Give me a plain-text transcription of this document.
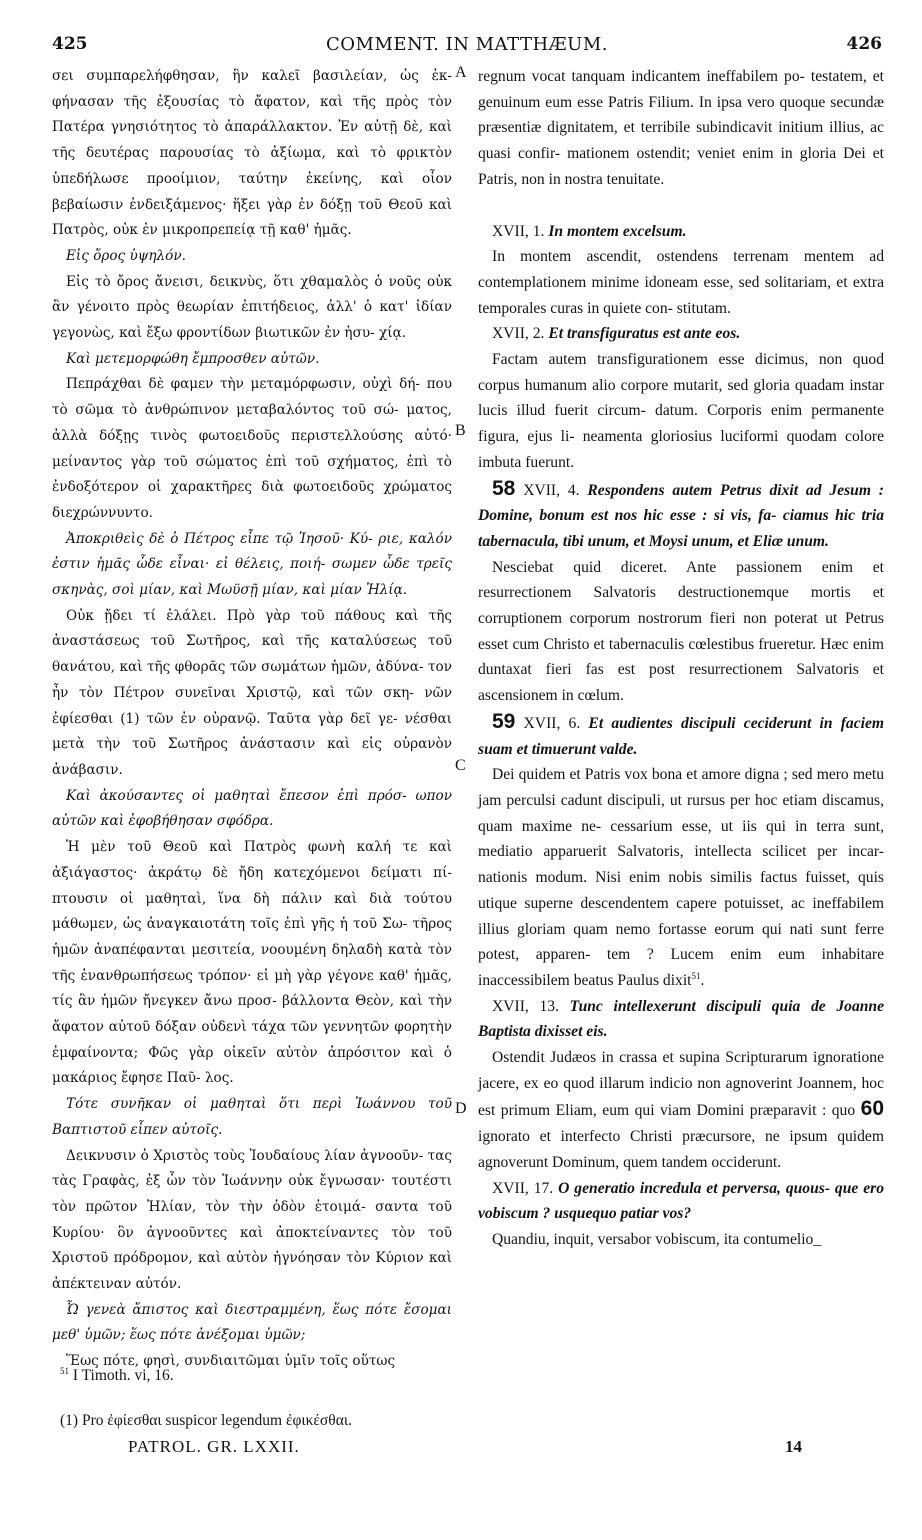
425	COMMENT. IN MATTHÆUM.	426
A
B
C
D

σει συμπαρελήφθησαν, ἣν καλεῖ βασιλείαν, ὡς ἐκ- φήνασαν τῆς ἐξουσίας τὸ ἄφατον, καὶ τῆς πρὸς τὸν Πατέρα γνησιότητος τὸ ἀπαράλλακτον. Ἐν αὐτῇ δὲ, καὶ τῆς δευτέρας παρουσίας τὸ ἀξίωμα, καὶ τὸ φρικτὸν ὑπεδήλωσε προοίμιον, ταύτην ἐκείνης, καὶ οἷον βεβαίωσιν ἐνδειξάμενος· ἥξει γὰρ ἐν δόξῃ τοῦ Θεοῦ καὶ Πατρὸς, οὐκ ἐν μικροπρεπείᾳ τῇ καθ' ἡμᾶς.

Εἰς ὄρος ὑψηλόν.

Εἰς τὸ ὄρος ἄνεισι, δεικνὺς, ὅτι χθαμαλὸς ὁ νοῦς οὐκ ἂν γένοιτο πρὸς θεωρίαν ἐπιτήδειος, ἀλλ' ὁ κατ' ἰδίαν γεγονὼς, καὶ ἔξω φροντίδων βιωτικῶν ἐν ἡσυ- χίᾳ.

Καὶ μετεμορφώθη ἔμπροσθεν αὐτῶν.

Πεπράχθαι δὲ φαμεν τὴν μεταμόρφωσιν, οὐχὶ δή- που τὸ σῶμα τὸ ἀνθρώπινον μεταβαλόντος τοῦ σώ- ματος, ἀλλὰ δόξῃς τινὸς φωτοειδοῦς περιστελλούσης αὐτό· μείναντος γὰρ τοῦ σώματος ἐπὶ τοῦ σχήματος, ἐπὶ τὸ ἐνδοξότερον οἱ χαρακτῆρες διὰ φωτοειδοῦς χρώματος διεχρώννυντο.

Ἀποκριθεὶς δὲ ὁ Πέτρος εἶπε τῷ Ἰησοῦ· Κύ- ριε, καλόν ἐστιν ἡμᾶς ὧδε εἶναι· εἰ θέλεις, ποιή- σωμεν ὧδε τρεῖς σκηνὰς, σοὶ μίαν, καὶ Μωϋσῇ μίαν, καὶ μίαν Ἠλίᾳ.

Οὐκ ᾔδει τί ἐλάλει. Πρὸ γὰρ τοῦ πάθους καὶ τῆς ἀναστάσεως τοῦ Σωτῆρος, καὶ τῆς καταλύσεως τοῦ θανάτου, καὶ τῆς φθορᾶς τῶν σωμάτων ἡμῶν, ἀδύνα- τον ἦν τὸν Πέτρον συνεῖναι Χριστῷ, καὶ τῶν σκη- νῶν ἐφίεσθαι (1) τῶν ἐν οὐρανῷ. Ταῦτα γὰρ δεῖ γε- νέσθαι μετὰ τὴν τοῦ Σωτῆρος ἀνάστασιν καὶ εἰς οὐρανὸν ἀνάβασιν.

Καὶ ἀκούσαντες οἱ μαθηταὶ ἔπεσον ἐπὶ πρόσ- ωπον αὐτῶν καὶ ἐφοβήθησαν σφόδρα.

Ἡ μὲν τοῦ Θεοῦ καὶ Πατρὸς φωνὴ καλή τε καὶ ἀξιάγαστος· ἀκράτῳ δὲ ἤδη κατεχόμενοι δείματι πί- πτουσιν οἱ μαθηταὶ, ἵνα δὴ πάλιν καὶ διὰ τούτου μάθωμεν, ὡς ἀναγκαιοτάτη τοῖς ἐπὶ γῆς ἡ τοῦ Σω- τῆρος ἡμῶν ἀναπέφανται μεσιτεία, νοουμένη δηλαδὴ κατὰ τὸν τῆς ἐνανθρωπήσεως τρόπον· εἰ μὴ γὰρ γέγονε καθ' ἡμᾶς, τίς ἂν ἡμῶν ἤνεγκεν ἄνω προσ- βάλλοντα Θεὸν, καὶ τὴν ἄφατον αὐτοῦ δόξαν οὐδενὶ τάχα τῶν γεννητῶν φορητὴν ἐμφαίνοντα; Φῶς γὰρ οἰκεῖν αὐτὸν ἀπρόσιτον καὶ ὁ μακάριος ἔφησε Παῦ- λος.

Τότε συνῆκαν οἱ μαθηταὶ ὅτι περὶ Ἰωάννου τοῦ Βαπτιστοῦ εἶπεν αὐτοῖς.

Δεικνυσιν ὁ Χριστὸς τοὺς Ἰουδαίους λίαν ἀγνοοῦν- τας τὰς Γραφὰς, ἐξ ὧν τὸν Ἰωάννην οὐκ ἔγνωσαν· τουτέστι τὸν πρῶτον Ἠλίαν, τὸν τὴν ὁδὸν ἑτοιμά- σαντα τοῦ Κυρίου· ὃν ἀγνοοῦντες καὶ ἀποκτείναντες τὸν τοῦ Χριστοῦ πρόδρομον, καὶ αὐτὸν ἠγνόησαν τὸν Κύριον καὶ ἀπέκτειναν αὐτόν.

Ὦ γενεὰ ἄπιστος καὶ διεστραμμένη, ἕως πότε ἔσομαι μεθ' ὑμῶν; ἕως πότε ἀνέξομαι ὑμῶν;

Ἕως πότε, φησὶ, συνδιαιτῶμαι ὑμῖν τοῖς οὕτως

regnum vocat tanquam indicantem ineffabilem po- testatem, et genuinum eum esse Patris Filium. In ipsa vero quoque secundæ præsentiæ dignitatem, et terribile subindicavit initium illius, ac quasi confir- mationem ostendit; veniet enim in gloria Dei et Patris, non in nostra tenuitate.

XVII, 1. In montem excelsum.

In montem ascendit, ostendens terrenam mentem ad contemplationem minime idoneam esse, sed solitariam, et extra temporales curas in quiete con- stitutam.

XVII, 2. Et transfiguratus est ante eos.

Factam autem transfigurationem esse dicimus, non quod corpus humanum alio corpore mutarit, sed gloria quadam instar lucis illud fuerit circum- datum. Corporis enim permanente figura, ejus li- neamenta gloriosius luciformi quodam colore imbuta fuerunt.

58 XVII, 4. Respondens autem Petrus dixit ad Jesum : Domine, bonum est nos hic esse : si vis, fa- ciamus hic tria tabernacula, tibi unum, et Moysi unum, et Eliæ unum.

Nesciebat quid diceret. Ante passionem enim et resurrectionem Salvatoris destructionemque mortis et corruptionem corporum nostrorum fieri non poterat ut Petrus esset cum Christo et tabernaculis cœlestibus frueretur. Hæc enim duntaxat fieri fas est post resurrectionem Salvatoris et ascensionem in cœlum.

59 XVII, 6. Et audientes discipuli ceciderunt in faciem suam et timuerunt valde.

Dei quidem et Patris vox bona et amore digna ; sed mero metu jam perculsi cadunt discipuli, ut rursus per hoc etiam discamus, quam maxime ne- cessarium esse, ut iis qui in terra sunt, mediatio apparuerit Salvatoris, intellecta scilicet per incar- nationis modum. Nisi enim nobis similis factus fuisset, quis utique superne descendentem capere potuisset, ac ineffabilem illius gloriam quam nemo fortasse eorum qui nati sunt ferre potest, apparen- tem ? Lucem enim eum inhabitare inaccessibilem beatus Paulus dixit$^{51}$.

XVII, 13. Tunc intellexerunt discipuli quia de Joanne Baptista dixisset eis.

Ostendit Judæos in crassa et supina Scripturarum ignoratione jacere, ex eo quod illarum indicio non agnoverint Joannem, hoc est primum Eliam, eum qui viam Domini præparavit : quo 60 ignorato et interfecto Christi præcursore, ne ipsum quidem agnoverunt Dominum, quem tandem occiderunt.

XVII, 17. O generatio incredula et perversa, quous- que ero vobiscum ? usquequo patiar vos?

Quandiu, inquit, versabor vobiscum, ita contumelio_

$^{51}$ I Timoth. vi, 16.
(1) Pro ἐφίεσθαι suspicor legendum ἐφικέσθαι.
PATROL. GR. LXXII.	14
